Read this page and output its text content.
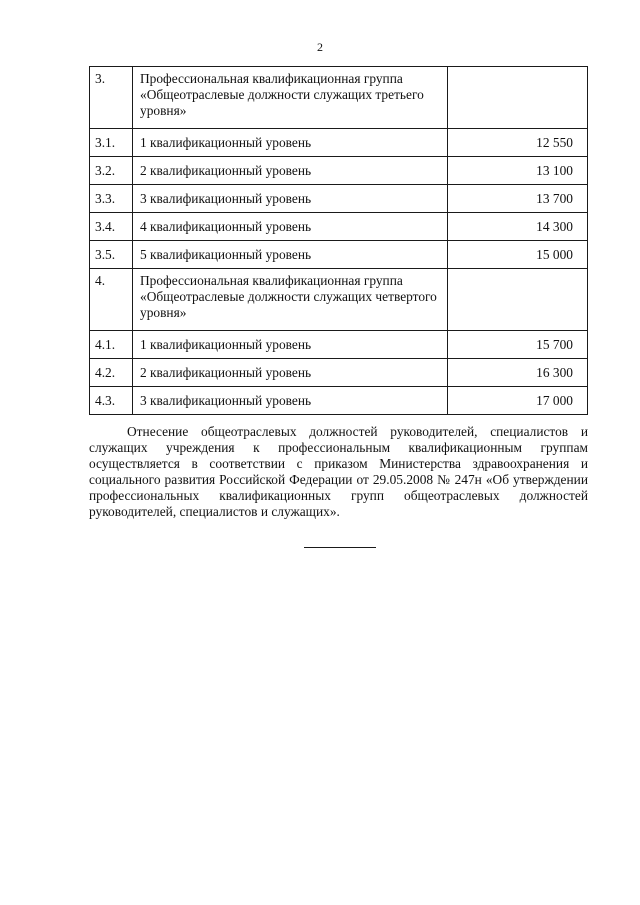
2
3.	Профессиональная квалификационная группа «Общеотраслевые должности служащих третьего уровня»	
3.1.	1 квалификационный уровень	12 550
3.2.	2 квалификационный уровень	13 100
3.3.	3 квалификационный уровень	13 700
3.4.	4 квалификационный уровень	14 300
3.5.	5 квалификационный уровень	15 000
4.	Профессиональная квалификационная группа «Общеотраслевые должности служащих четвертого уровня»	
4.1.	1 квалификационный уровень	15 700
4.2.	2 квалификационный уровень	16 300
4.3.	3 квалификационный уровень	17 000

Отнесение общеотраслевых должностей руководителей, специалистов и служащих учреждения к профессиональным квалификационным группам осуществляется в соответствии с приказом Министерства здравоохранения и социального развития Российской Федерации от 29.05.2008 № 247н «Об утверждении профессиональных квалификационных групп общеотраслевых должностей руководителей, специалистов и служащих».
